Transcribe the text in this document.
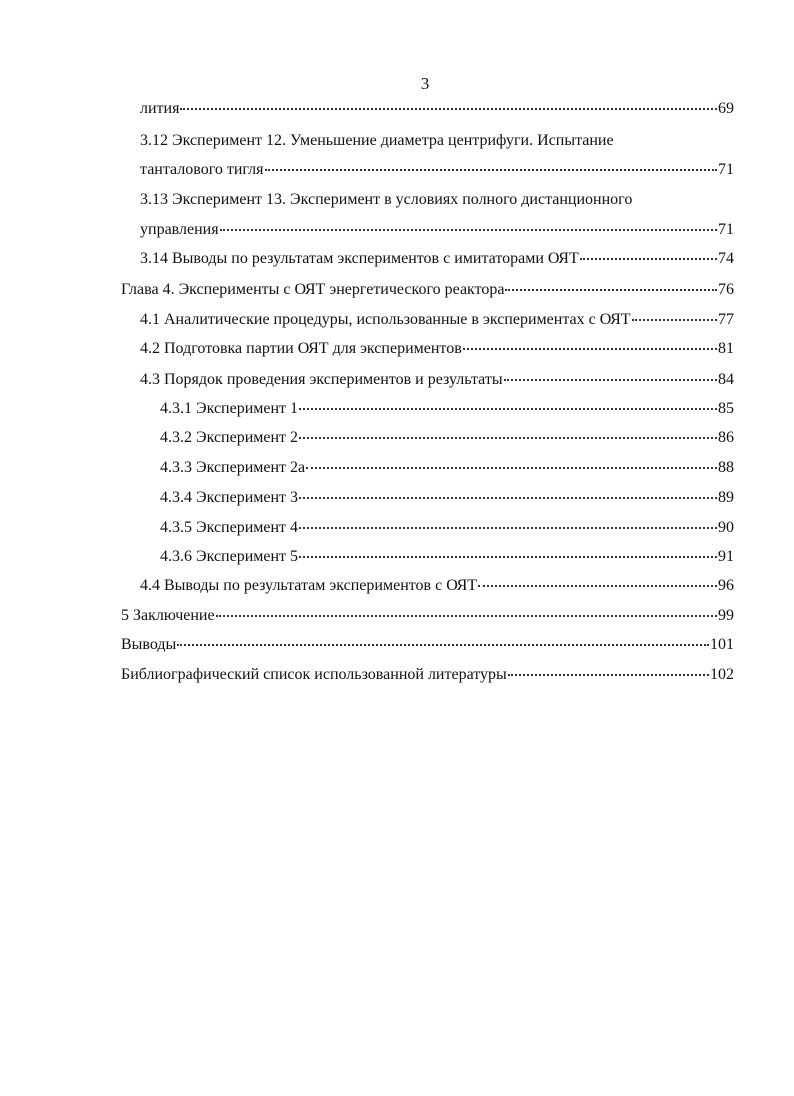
3
лития	69
3.12 Эксперимент 12. Уменьшение диаметра центрифуги. Испытание
танталового тигля	71
3.13 Эксперимент 13. Эксперимент в условиях полного дистанционного
управления	71
3.14 Выводы по результатам экспериментов с имитаторами ОЯТ	74
Глава 4. Эксперименты с ОЯТ энергетического реактора	76
4.1 Аналитические процедуры, использованные в экспериментах с ОЯТ	77
4.2 Подготовка партии ОЯТ для экспериментов	81
4.3 Порядок проведения экспериментов и результаты	84
4.3.1 Эксперимент 1	85
4.3.2 Эксперимент 2	86
4.3.3 Эксперимент 2а	88
4.3.4 Эксперимент 3	89
4.3.5 Эксперимент 4	90
4.3.6 Эксперимент 5	91
4.4 Выводы по результатам экспериментов с ОЯТ	96
5 Заключение	99
Выводы	101
Библиографический список использованной литературы	102
